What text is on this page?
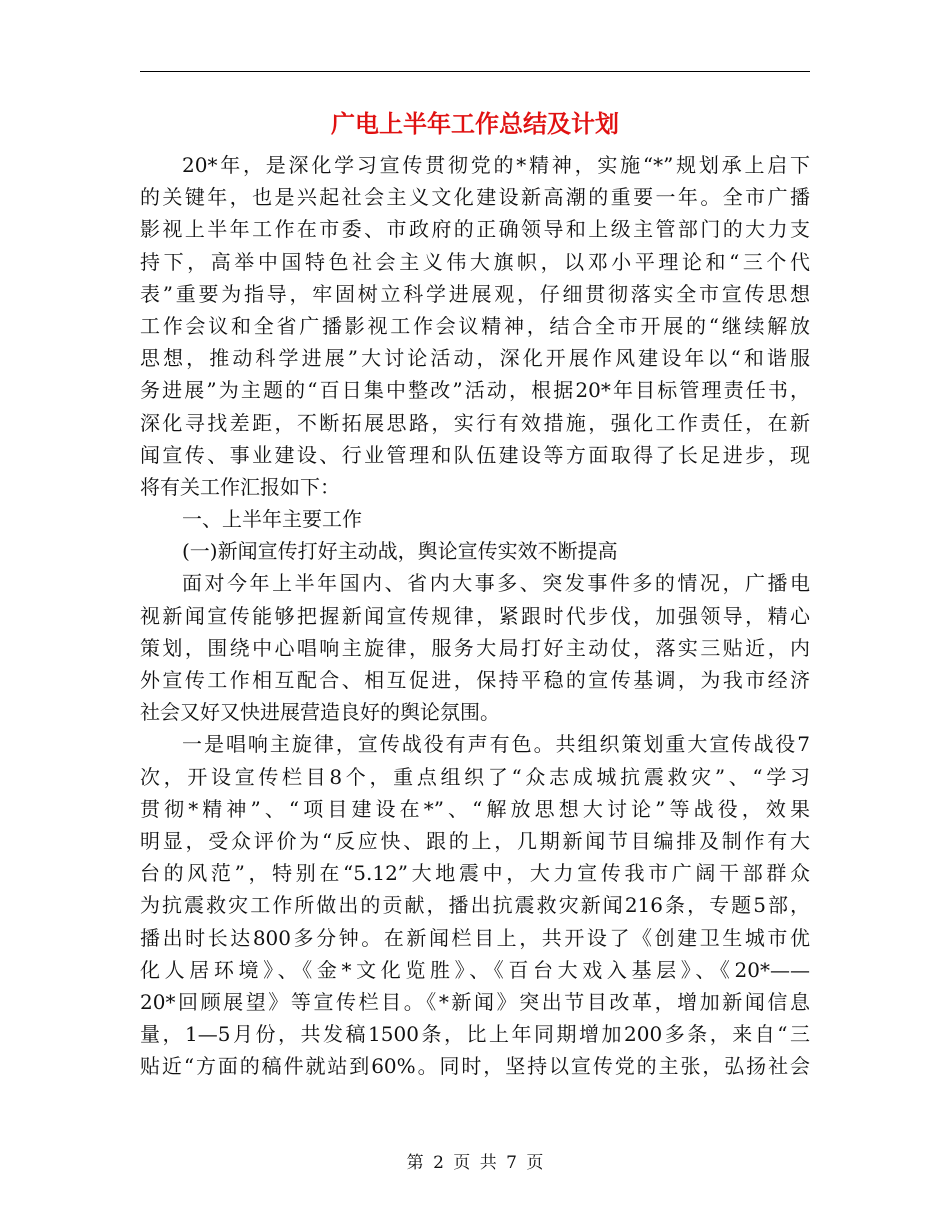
广电上半年工作总结及计划
20*年，是深化学习宣传贯彻党的*精神，实施“*”规划承上启下
的关键年，也是兴起社会主义文化建设新高潮的重要一年。全市广播
影视上半年工作在市委、市政府的正确领导和上级主管部门的大力支
持下，高举中国特色社会主义伟大旗帜，以邓小平理论和“三个代
表”重要为指导，牢固树立科学进展观，仔细贯彻落实全市宣传思想
工作会议和全省广播影视工作会议精神，结合全市开展的“继续解放
思想，推动科学进展”大讨论活动，深化开展作风建设年以“和谐服
务进展”为主题的“百日集中整改”活动，根据20*年目标管理责任书，
深化寻找差距，不断拓展思路，实行有效措施，强化工作责任，在新
闻宣传、事业建设、行业管理和队伍建设等方面取得了长足进步，现
将有关工作汇报如下：
一、上半年主要工作
(一)新闻宣传打好主动战，舆论宣传实效不断提高
面对今年上半年国内、省内大事多、突发事件多的情况，广播电
视新闻宣传能够把握新闻宣传规律，紧跟时代步伐，加强领导，精心
策划，围绕中心唱响主旋律，服务大局打好主动仗，落实三贴近，内
外宣传工作相互配合、相互促进，保持平稳的宣传基调，为我市经济
社会又好又快进展营造良好的舆论氛围。
一是唱响主旋律，宣传战役有声有色。共组织策划重大宣传战役7
次，开设宣传栏目8个，重点组织了“众志成城抗震救灾”、“学习
贯彻*精神”、“项目建设在*”、“解放思想大讨论”等战役，效果
明显，受众评价为“反应快、跟的上，几期新闻节目编排及制作有大
台的风范”，特别在“5.12”大地震中，大力宣传我市广阔干部群众
为抗震救灾工作所做出的贡献，播出抗震救灾新闻216条，专题5部，
播出时长达800多分钟。在新闻栏目上，共开设了《创建卫生城市优
化人居环境》、《金*文化览胜》、《百台大戏入基层》、《20*——
20*回顾展望》等宣传栏目。《*新闻》突出节目改革，增加新闻信息
量，1—5月份，共发稿1500条，比上年同期增加200多条，来自“三
贴近“方面的稿件就站到60%。同时，坚持以宣传党的主张，弘扬社会
第 2 页 共 7 页
